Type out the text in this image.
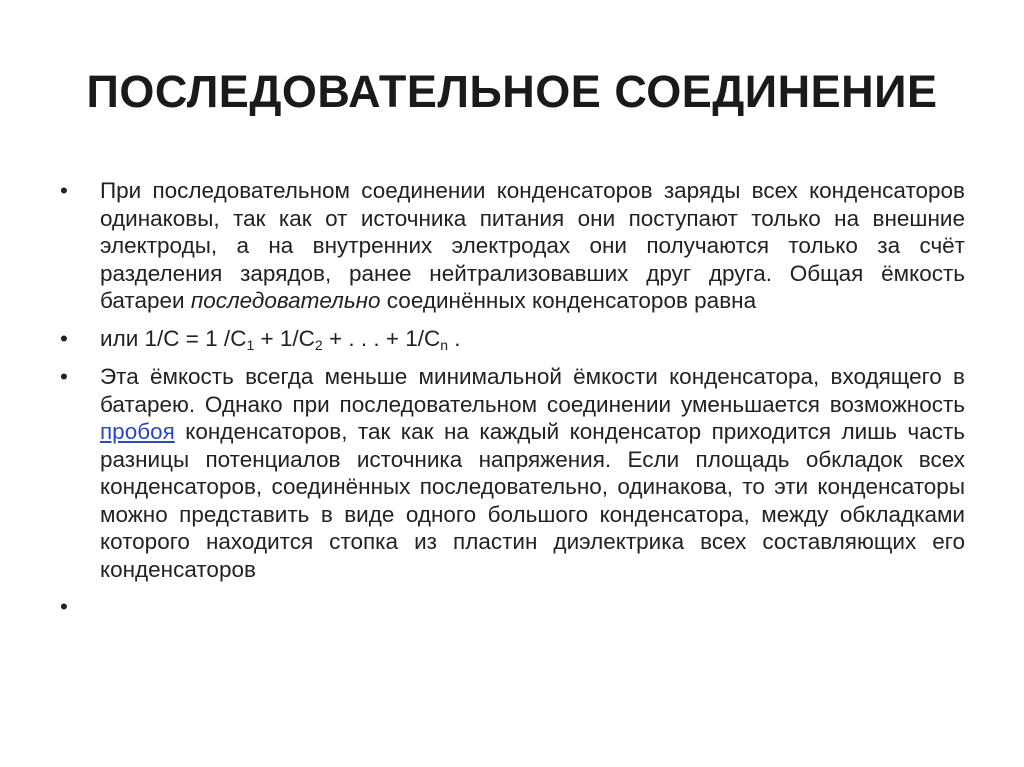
ПОСЛЕДОВАТЕЛЬНОЕ СОЕДИНЕНИЕ
•	При последовательном соединении конденсаторов заряды всех конденсаторов одинаковы, так как от источника питания они поступают только на внешние электроды, а на внутренних электродах они получаются только за счёт разделения зарядов, ранее нейтрализовавших друг друга. Общая ёмкость батареи последовательно соединённых конденсаторов равна
•	или 1/C = 1 $/C_1 + 1/C_2$ + . . . + $1/C_n$ .
•	Эта ёмкость всегда меньше минимальной ёмкости конденсатора, входящего в батарею. Однако при последовательном соединении уменьшается возможность пробоя конденсаторов, так как на каждый конденсатор приходится лишь часть разницы потенциалов источника напряжения. Если площадь обкладок всех конденсаторов, соединённых последовательно, одинакова, то эти конденсаторы можно представить в виде одного большого конденсатора, между обкладками которого находится стопка из пластин диэлектрика всех составляющих его конденсаторов
•
